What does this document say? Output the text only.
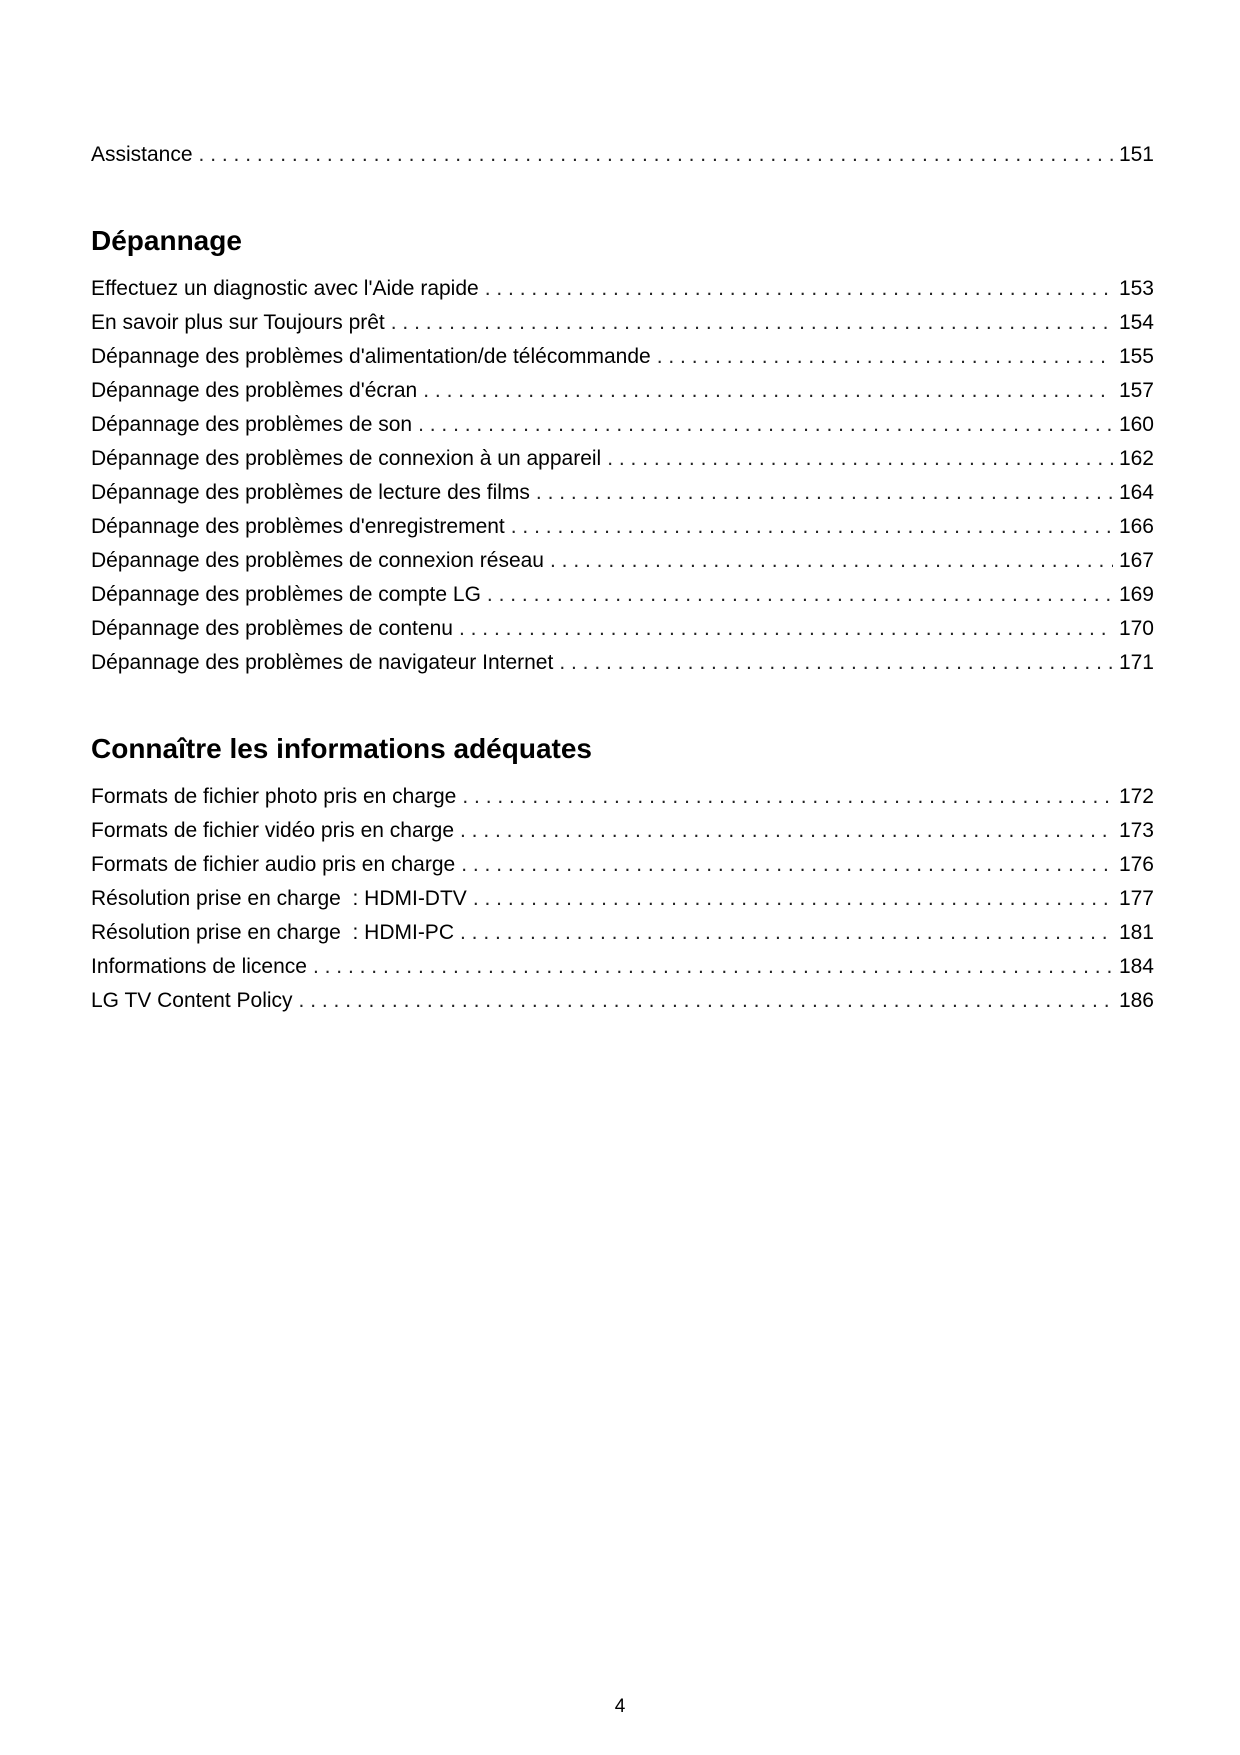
Assistance . . .	151
Dépannage
Effectuez un diagnostic avec l'Aide rapide . . .	153
En savoir plus sur Toujours prêt . . .	154
Dépannage des problèmes d'alimentation/de télécommande . . .	155
Dépannage des problèmes d'écran . . .	157
Dépannage des problèmes de son . . .	160
Dépannage des problèmes de connexion à un appareil . . .	162
Dépannage des problèmes de lecture des films . . .	164
Dépannage des problèmes d'enregistrement . . .	166
Dépannage des problèmes de connexion réseau . . .	167
Dépannage des problèmes de compte LG . . .	169
Dépannage des problèmes de contenu . . .	170
Dépannage des problèmes de navigateur Internet . . .	171
Connaître les informations adéquates
Formats de fichier photo pris en charge . . .	172
Formats de fichier vidéo pris en charge . . .	173
Formats de fichier audio pris en charge . . .	176
Résolution prise en charge  : HDMI-DTV . . .	177
Résolution prise en charge  : HDMI-PC . . .	181
Informations de licence . . .	184
LG TV Content Policy . . .	186
4
